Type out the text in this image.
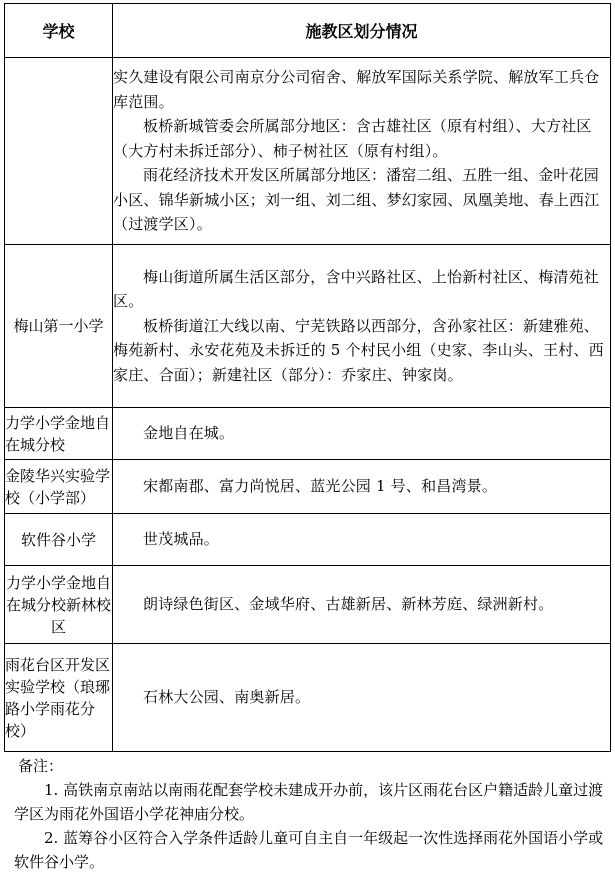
学校	施教区划分情况

	实久建设有限公司南京分公司宿舍、解放军国际关系学院、解放军工兵仓库范围。

板桥新城管委会所属部分地区：含古雄社区（原有村组）、大方社区（大方村未拆迁部分）、柿子树社区（原有村组）。

雨花经济技术开发区所属部分地区：潘窑二组、五胜一组、金叶花园小区、锦华新城小区；刘一组、刘二组、梦幻家园、凤凰美地、春上西江（过渡学区）。

梅山第一小学	梅山街道所属生活区部分，含中兴路社区、上怡新村社区、梅清苑社区。

板桥街道江大线以南、宁芜铁路以西部分，含孙家社区：新建雅苑、梅苑新村、永安花苑及未拆迁的 5 个村民小组（史家、李山头、王村、西家庄、合面）；新建社区（部分）：乔家庄、钟家岗。

力学小学金地自在城分校	金地自在城。

金陵华兴实验学校（小学部）	宋都南郡、富力尚悦居、蓝光公园 1 号、和昌湾景。

软件谷小学	世茂城品。

力学小学金地自在城分校新林校区	朗诗绿色街区、金域华府、古雄新居、新林芳庭、绿洲新村。

雨花台区开发区实验学校（琅琊路小学雨花分校）	石林大公园、南奥新居。

备注：

1. 高铁南京南站以南雨花配套学校未建成开办前，该片区雨花台区户籍适龄儿童过渡学区为雨花外国语小学花神庙分校。

2. 蓝筹谷小区符合入学条件适龄儿童可自主自一年级起一次性选择雨花外国语小学或软件谷小学。
